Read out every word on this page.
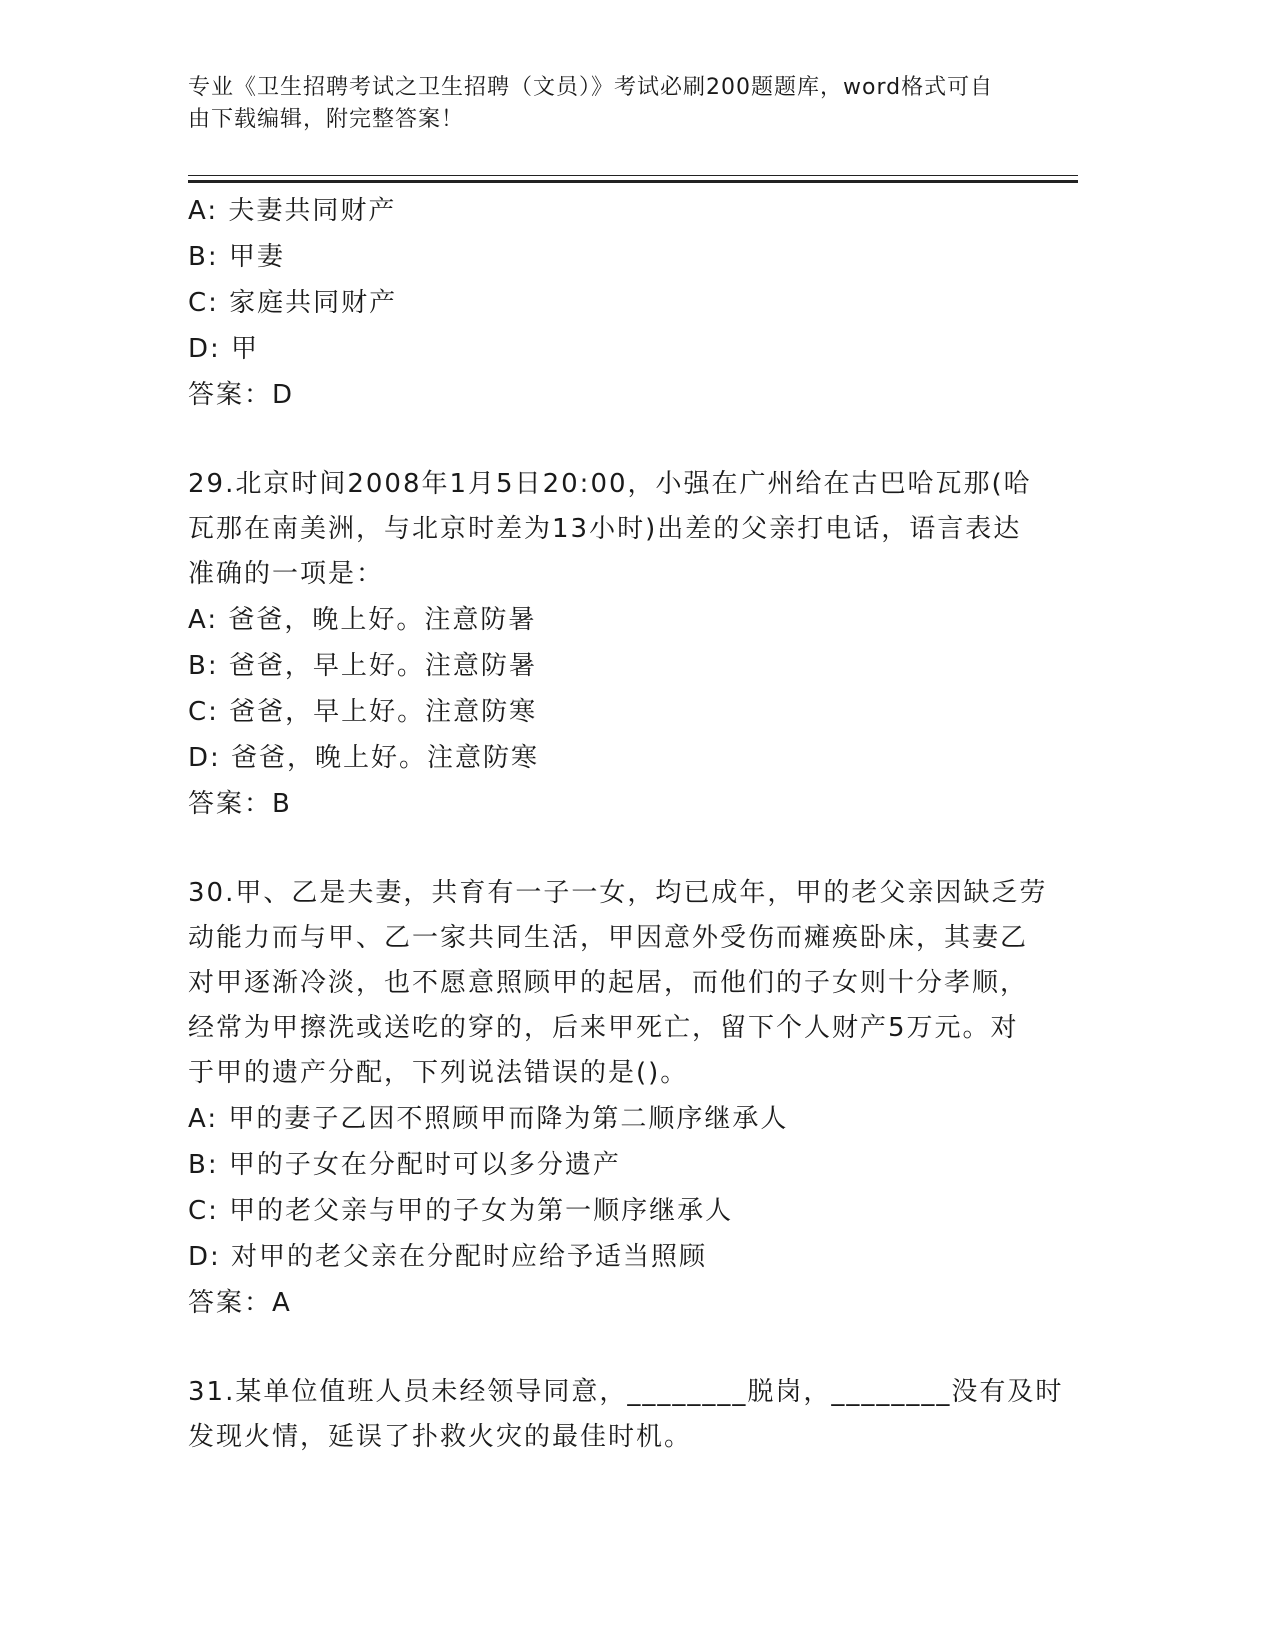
专业《卫生招聘考试之卫生招聘（文员）》考试必刷200题题库，word格式可自
由下载编辑，附完整答案！
A: 夫妻共同财产
B: 甲妻
C: 家庭共同财产
D: 甲
答案：D
29.北京时间2008年1月5日20:00，小强在广州给在古巴哈瓦那(哈
瓦那在南美洲，与北京时差为13小时)出差的父亲打电话，语言表达
准确的一项是：
A: 爸爸，晚上好。注意防暑
B: 爸爸，早上好。注意防暑
C: 爸爸，早上好。注意防寒
D: 爸爸，晚上好。注意防寒
答案：B
30.甲、乙是夫妻，共育有一子一女，均已成年，甲的老父亲因缺乏劳
动能力而与甲、乙一家共同生活，甲因意外受伤而瘫痪卧床，其妻乙
对甲逐渐冷淡，也不愿意照顾甲的起居，而他们的子女则十分孝顺，
经常为甲擦洗或送吃的穿的，后来甲死亡，留下个人财产5万元。对
于甲的遗产分配，下列说法错误的是()。
A: 甲的妻子乙因不照顾甲而降为第二顺序继承人
B: 甲的子女在分配时可以多分遗产
C: 甲的老父亲与甲的子女为第一顺序继承人
D: 对甲的老父亲在分配时应给予适当照顾
答案：A
31.某单位值班人员未经领导同意，________脱岗，________没有及时
发现火情，延误了扑救火灾的最佳时机。
